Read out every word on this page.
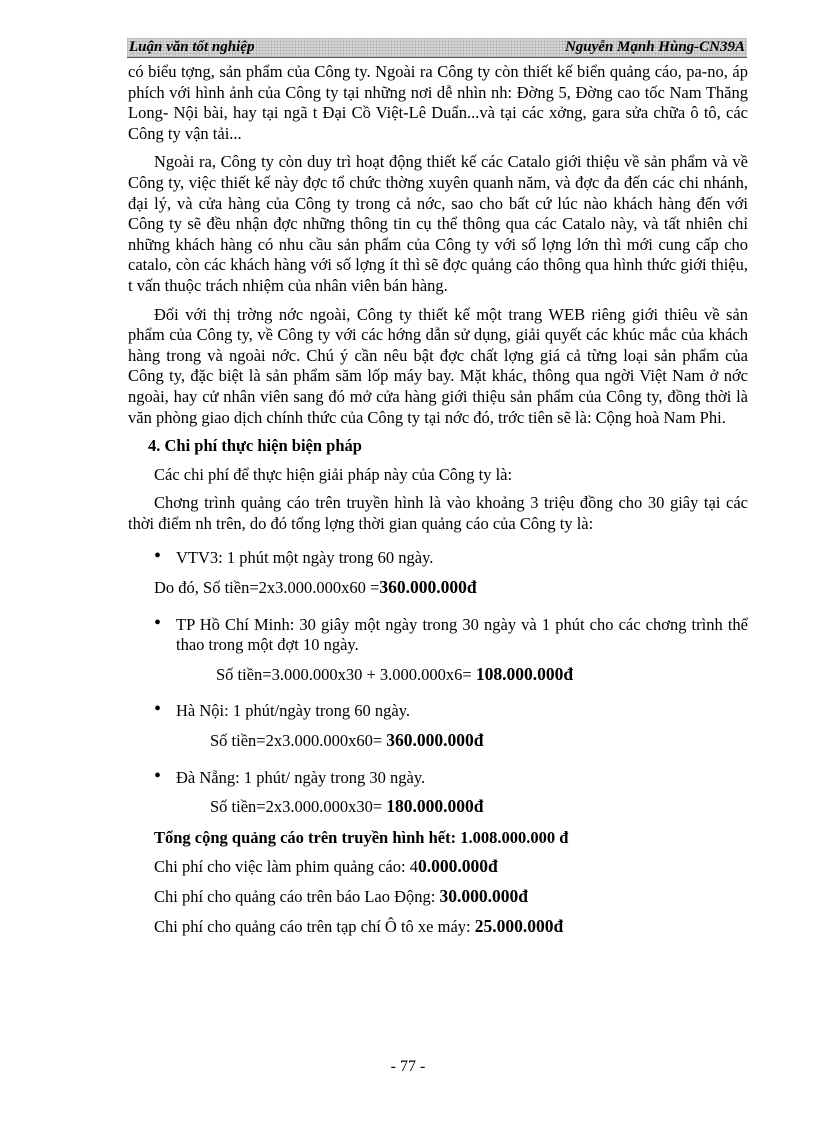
Luận văn tốt nghiệp	Nguyễn Mạnh Hùng-CN39A

có biểu tợng, sản phẩm của Công ty. Ngoài ra Công ty còn thiết kế biển quảng cáo, pa-no, áp phích với hình ảnh của Công ty tại những nơi dễ nhìn nh: Đờng 5, Đờng cao tốc Nam Thăng Long- Nội bài, hay tại ngã t Đại Cồ Việt-Lê Duẩn...và tại các xởng, gara sửa chữa ô tô, các Công ty vận tải...

Ngoài ra, Công ty còn duy trì hoạt động thiết kế các Catalo giới thiệu về sản phẩm và về Công ty, việc thiết kế này đợc tổ chức thờng xuyên quanh năm, và đợc đa đến các chi nhánh, đại lý, và cửa hàng của Công ty trong cả nớc, sao cho bất cứ lúc nào khách hàng đến với Công ty sẽ đều nhận đợc những thông tin cụ thể thông qua các Catalo này, và tất nhiên chỉ những khách hàng có nhu cầu sản phẩm của Công ty với số lợng lớn thì mới cung cấp cho catalo, còn các khách hàng với số lợng ít thì sẽ đợc quảng cáo thông qua hình thức giới thiệu, t vấn thuộc trách nhiệm của nhân viên bán hàng.

Đối với thị trờng nớc ngoài, Công ty thiết kế một trang WEB riêng giới thiêu về sản phẩm của Công ty, về Công ty với các hớng dẫn sử dụng, giải quyết các khúc mắc của khách hàng trong và ngoài nớc. Chú ý cần nêu bật đợc chất lợng giá cả từng loại sản phẩm của Công ty, đặc biệt là sản phẩm săm lốp máy bay. Mặt khác, thông qua ngời Việt Nam ở nớc ngoài, hay cử nhân viên sang đó mở cửa hàng giới thiệu sản phẩm của Công ty, đồng thời là văn phòng giao dịch chính thức của Công ty tại nớc đó, trớc tiên sẽ là: Cộng hoà Nam Phi.

4. Chi phí thực hiện biện pháp

Các chi phí để thực hiện giải pháp này của Công ty là:

Chơng trình quảng cáo trên truyền hình là vào khoảng 3 triệu đồng cho 30 giây tại các thời điểm nh trên, do đó tổng lợng thời gian quảng cáo của Công ty là:

• VTV3: 1 phút một ngày trong 60 ngày.

Do đó, Số tiền=2x3.000.000x60 =360.000.000đ

• TP Hồ Chí Minh: 30 giây một ngày trong 30 ngày và 1 phút cho các chơng trình thể thao trong một đợt 10 ngày.

Số tiền=3.000.000x30 + 3.000.000x6= 108.000.000đ

• Hà Nội: 1 phút/ngày trong 60 ngày.

Số tiền=2x3.000.000x60= 360.000.000đ

• Đà Nẵng: 1 phút/ ngày trong 30 ngày.

Số tiền=2x3.000.000x30= 180.000.000đ

Tổng cộng quảng cáo trên truyền hình hết: 1.008.000.000 đ

Chi phí cho việc làm phim quảng cáo: 40.000.000đ

Chi phí cho quảng cáo trên báo Lao Động: 30.000.000đ

Chi phí cho quảng cáo trên tạp chí Ô tô xe máy: 25.000.000đ

- 77 -
